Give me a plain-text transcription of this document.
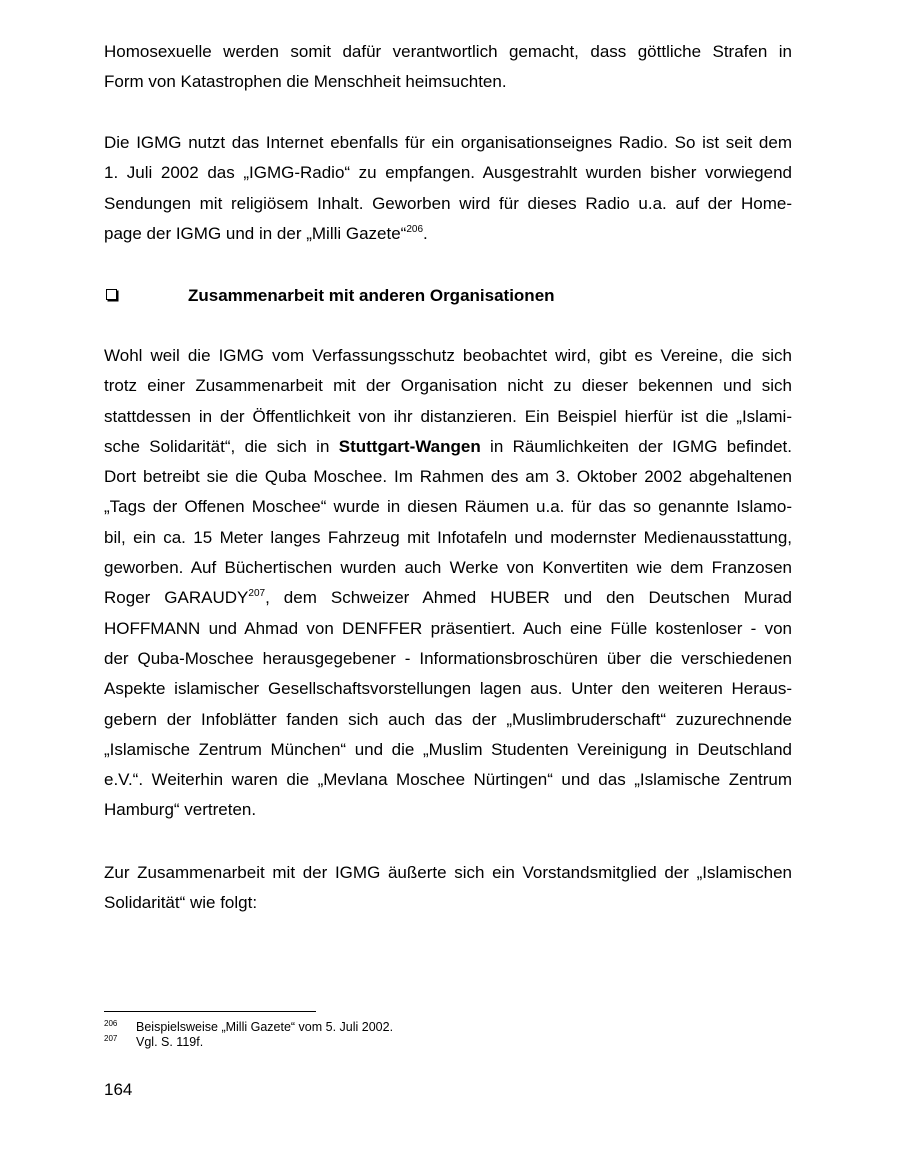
Homosexuelle werden somit dafür verantwortlich gemacht, dass göttliche Strafen in
Form von Katastrophen die Menschheit heimsuchten.
Die IGMG nutzt das Internet ebenfalls für ein organisationseignes Radio. So ist seit dem
1. Juli 2002 das „IGMG-Radio“ zu empfangen. Ausgestrahlt wurden bisher vorwiegend
Sendungen mit religiösem Inhalt. Geworben wird für dieses Radio u.a. auf der Home-
page der IGMG und in der „Milli Gazete“$^{206}$.
Zusammenarbeit mit anderen Organisationen
Wohl weil die IGMG vom Verfassungsschutz beobachtet wird, gibt es Vereine, die sich
trotz einer Zusammenarbeit mit der Organisation nicht zu dieser bekennen und sich
stattdessen in der Öffentlichkeit von ihr distanzieren. Ein Beispiel hierfür ist die „Islami-
sche Solidarität“, die sich in Stuttgart-Wangen in Räumlichkeiten der IGMG befindet.
Dort betreibt sie die Quba Moschee. Im Rahmen des am 3. Oktober 2002 abgehaltenen
„Tags der Offenen Moschee“ wurde in diesen Räumen u.a. für das so genannte Islamo-
bil, ein ca. 15 Meter langes Fahrzeug mit Infotafeln und modernster Medienausstattung,
geworben. Auf Büchertischen wurden auch Werke von Konvertiten wie dem Franzosen
Roger GARAUDY$^{207}$, dem Schweizer Ahmed HUBER und den Deutschen Murad
HOFFMANN und Ahmad von DENFFER präsentiert. Auch eine Fülle kostenloser - von
der Quba-Moschee herausgegebener - Informationsbroschüren über die verschiedenen
Aspekte islamischer Gesellschaftsvorstellungen lagen aus. Unter den weiteren Heraus-
gebern der Infoblätter fanden sich auch das der „Muslimbruderschaft“ zuzurechnende
„Islamische Zentrum München“ und die „Muslim Studenten Vereinigung in Deutschland
e.V.“. Weiterhin waren die „Mevlana Moschee Nürtingen“ und das „Islamische Zentrum
Hamburg“ vertreten.
Zur Zusammenarbeit mit der IGMG äußerte sich ein Vorstandsmitglied der „Islamischen
Solidarität“ wie folgt:
206 Beispielsweise „Milli Gazete“ vom 5. Juli 2002.
207 Vgl. S. 119f.
164
